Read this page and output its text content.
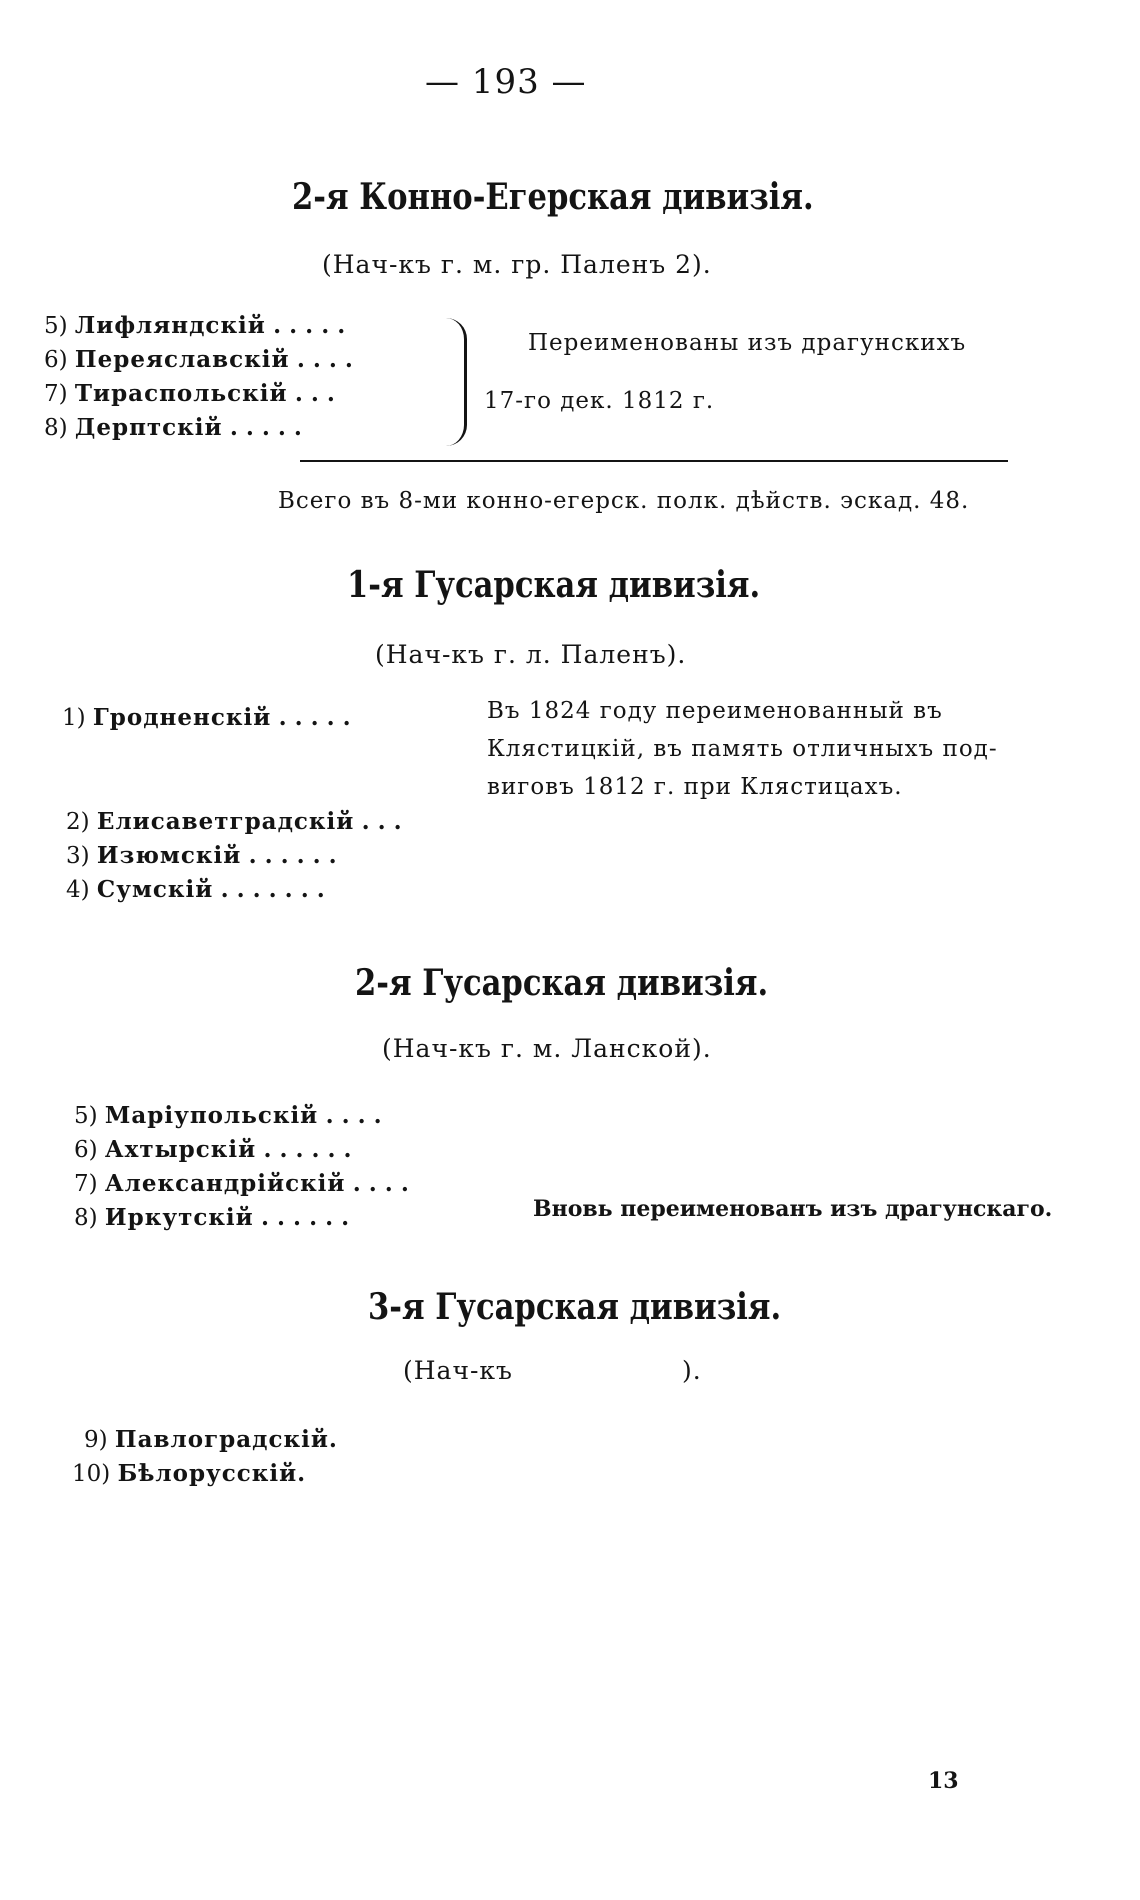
— 193 —
2-я Конно-Егерская дивизія.
(Нач-къ г. м. гр. Паленъ 2).
5) Лифляндскій .....
6) Переяславскій ....
7) Тираспольскій ...
8) Дерптскій .....
Переименованы изъ драгунскихъ
17-го дек. 1812 г.
Всего въ 8-ми конно-егерск. полк. дѣйств. эскад. 48.
1-я Гусарская дивизія.
(Нач-къ г. л. Паленъ).
1) Гродненскій .....	Въ 1824 году переименованный въ
Клястицкій, въ память отличныхъ под-
виговъ 1812 г. при Клястицахъ.
2) Елисаветградскій ...
3) Изюмскій ......
4) Сумскій .......
2-я Гусарская дивизія.
(Нач-къ г. м. Ланской).
5) Маріупольскій ....
6) Ахтырскій ......
7) Александрійскій ....
8) Иркутскій ......	Вновь переименованъ изъ драгунскаго.
3-я Гусарская дивизія.
(Нач-къ	).
9) Павлоградскій.
10) Бѣлорусскій.
13
